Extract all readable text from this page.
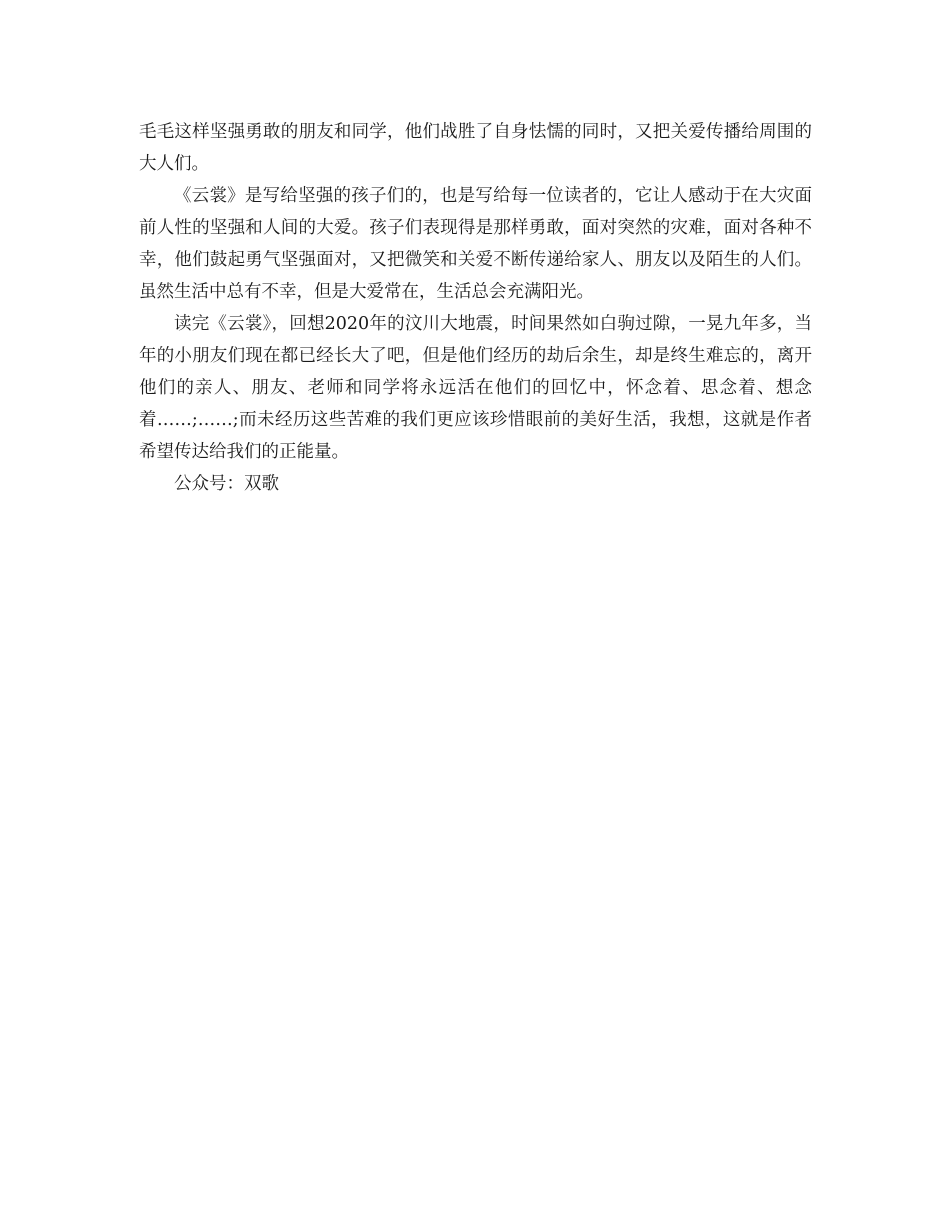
毛毛这样坚强勇敢的朋友和同学，他们战胜了自身怯懦的同时，又把关爱传播给周围的大人们。

《云裳》是写给坚强的孩子们的，也是写给每一位读者的，它让人感动于在大灾面前人性的坚强和人间的大爱。孩子们表现得是那样勇敢，面对突然的灾难，面对各种不幸，他们鼓起勇气坚强面对，又把微笑和关爱不断传递给家人、朋友以及陌生的人们。虽然生活中总有不幸，但是大爱常在，生活总会充满阳光。

读完《云裳》，回想2020年的汶川大地震，时间果然如白驹过隙，一晃九年多，当年的小朋友们现在都已经长大了吧，但是他们经历的劫后余生，却是终生难忘的，离开他们的亲人、朋友、老师和同学将永远活在他们的回忆中，怀念着、思念着、想念着……;……;而未经历这些苦难的我们更应该珍惜眼前的美好生活，我想，这就是作者希望传达给我们的正能量。

公众号：双歌
